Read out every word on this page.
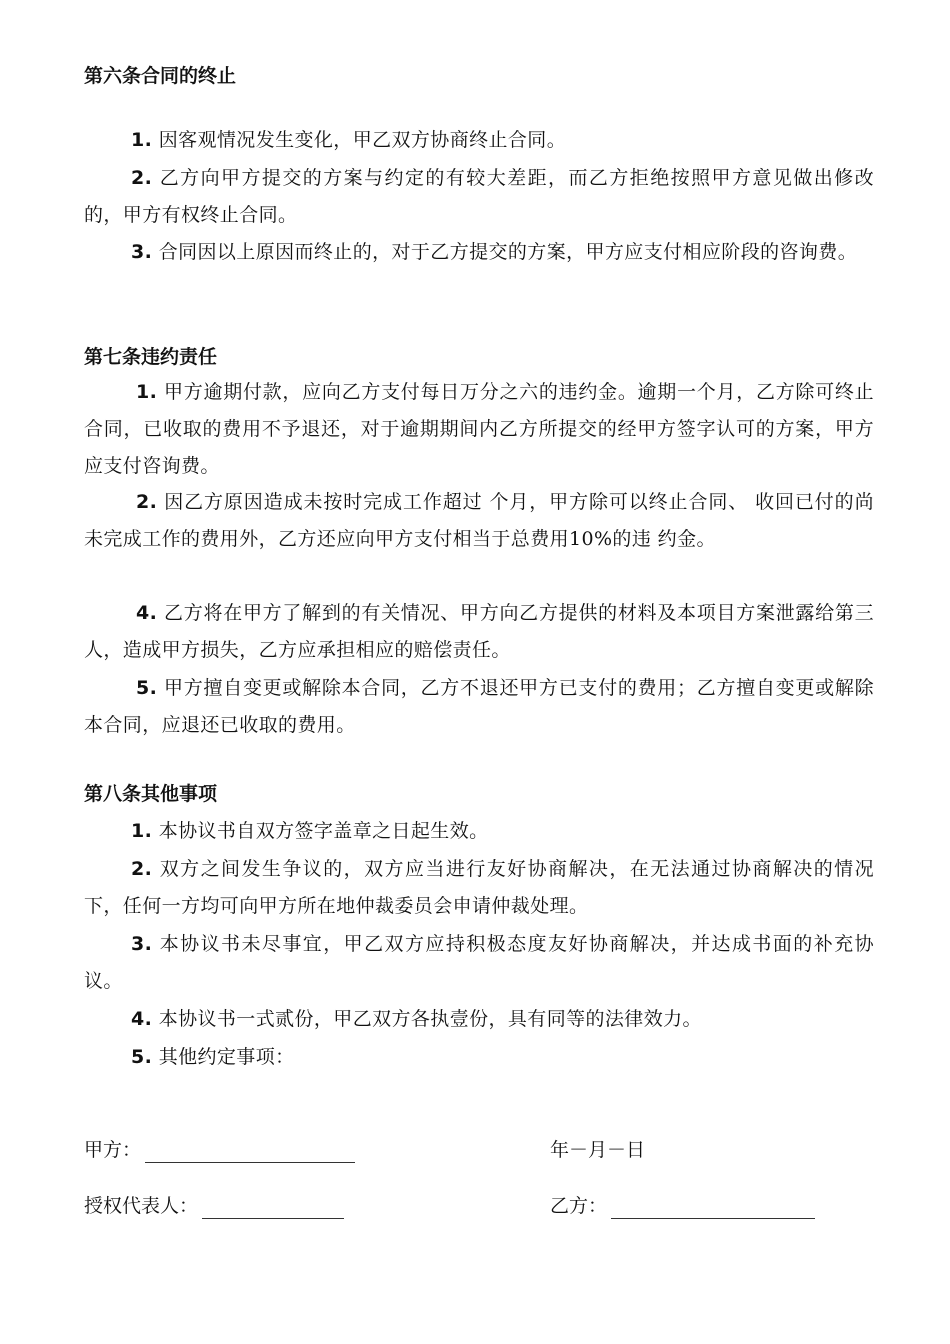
第六条合同的终止
1. 因客观情况发生变化，甲乙双方协商终止合同。
2. 乙方向甲方提交的方案与约定的有较大差距，而乙方拒绝按照甲方意见做出修改的，甲方有权终止合同。
3. 合同因以上原因而终止的，对于乙方提交的方案，甲方应支付相应阶段的咨询费。
第七条违约责任
1. 甲方逾期付款，应向乙方支付每日万分之六的违约金。逾期一个月，乙方除可终止合同，已收取的费用不予退还，对于逾期期间内乙方所提交的经甲方签字认可的方案，甲方应支付咨询费。
2. 因乙方原因造成未按时完成工作超过 个月，甲方除可以终止合同、 收回已付的尚未完成工作的费用外，乙方还应向甲方支付相当于总费用10%的违 约金。
4. 乙方将在甲方了解到的有关情况、甲方向乙方提供的材料及本项目方案泄露给第三人，造成甲方损失，乙方应承担相应的赔偿责任。
5. 甲方擅自变更或解除本合同，乙方不退还甲方已支付的费用；乙方擅自变更或解除本合同，应退还已收取的费用。
第八条其他事项
1. 本协议书自双方签字盖章之日起生效。
2. 双方之间发生争议的，双方应当进行友好协商解决，在无法通过协商解决的情况下，任何一方均可向甲方所在地仲裁委员会申请仲裁处理。
3. 本协议书未尽事宜，甲乙双方应持积极态度友好协商解决，并达成书面的补充协议。
4. 本协议书一式贰份，甲乙双方各执壹份，具有同等的法律效力。
5. 其他约定事项：
甲方：	年－月－日
授权代表人：	乙方：
